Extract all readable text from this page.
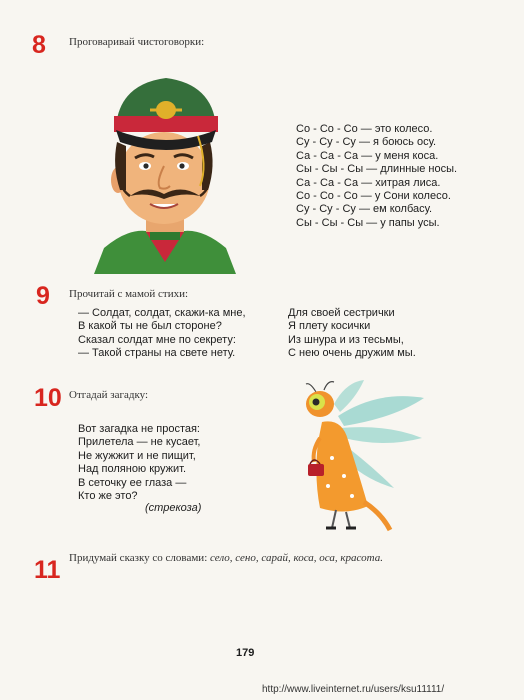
8 Проговаривай чистоговорки:
Со - Со - Со — это колесо.
Су - Су - Су — я боюсь осу.
Са - Са - Са — у меня коса.
Сы - Сы - Сы — длинные носы.
Са - Са - Са — хитрая лиса.
Со - Со - Со — у Сони колесо.
Су - Су - Су — ем колбасу.
Сы - Сы - Сы — у папы усы.
9 Прочитай с мамой стихи:
— Солдат, солдат, скажи-ка мне,
В какой ты не был стороне?
Сказал солдат мне по секрету:
— Такой страны на свете нету.
Для своей сестрички
Я плету косички
Из шнура и из тесьмы,
С нею очень дружим мы.
10 Отгадай загадку:
Вот загадка не простая:
Прилетела — не кусает,
Не жужжит и не пищит,
Над поляною кружит.
В сеточку ее глаза —
Кто же это?
(стрекоза)
11 Придумай сказку со словами: село, сено, сарай, коса, оса, красота.
179
http://www.liveinternet.ru/users/ksu11111/
